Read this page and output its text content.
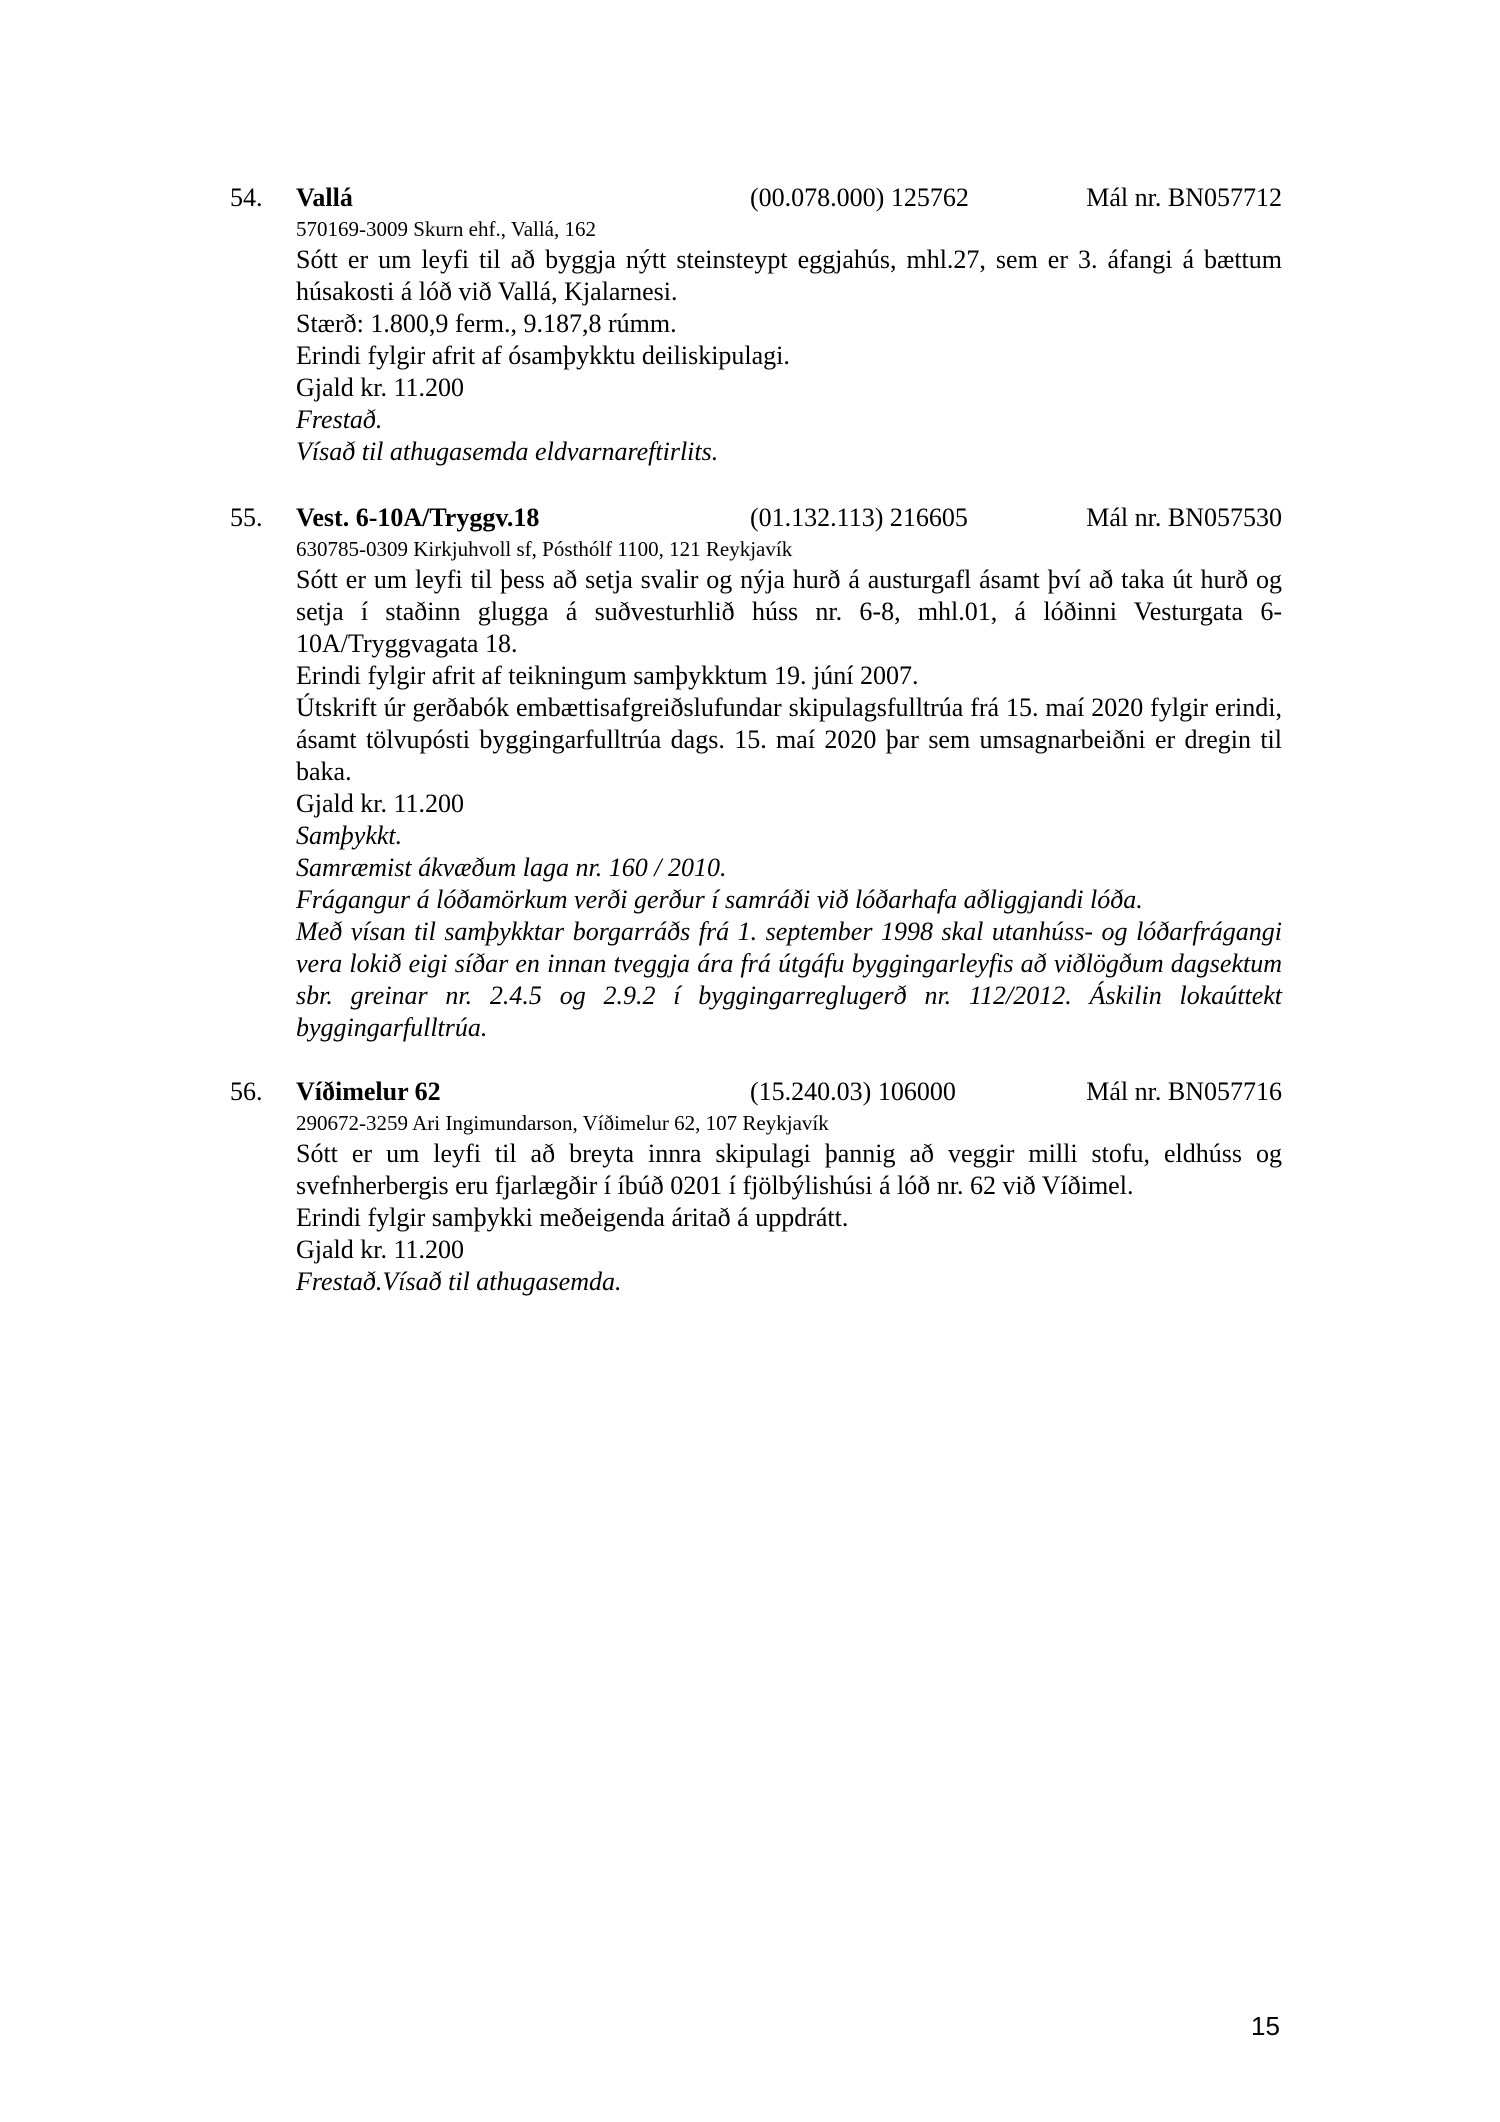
54. Vallá	(00.078.000) 125762	Mál nr. BN057712
570169-3009 Skurn ehf., Vallá, 162
Sótt er um leyfi til að byggja nýtt steinsteypt eggjahús, mhl.27, sem er 3. áfangi á bættum húsakosti á lóð við Vallá, Kjalarnesi.
Stærð: 1.800,9 ferm., 9.187,8 rúmm.
Erindi fylgir afrit af ósamþykktu deiliskipulagi.
Gjald kr. 11.200
Frestað.
Vísað til athugasemda eldvarnareftirlits.
55. Vest. 6-10A/Tryggv.18	(01.132.113) 216605	Mál nr. BN057530
630785-0309 Kirkjuhvoll sf, Pósthólf 1100, 121 Reykjavík
Sótt er um leyfi til þess að setja svalir og nýja hurð á austurgafl ásamt því að taka út hurð og setja í staðinn glugga á suðvesturhlið húss nr. 6-8, mhl.01, á lóðinni Vesturgata 6-10A/Tryggvagata 18.
Erindi fylgir afrit af teikningum samþykktum 19. júní 2007.
Útskrift úr gerðabók embættisafgreiðslufundar skipulagsfulltrúa frá 15. maí 2020 fylgir erindi, ásamt tölvupósti byggingarfulltrúa dags. 15. maí 2020 þar sem umsagnarbeiðni er dregin til baka.
Gjald kr. 11.200
Samþykkt.
Samræmist ákvæðum laga nr. 160 / 2010.
Frágangur á lóðamörkum verði gerður í samráði við lóðarhafa aðliggjandi lóða.
Með vísan til samþykktar borgarráðs frá 1. september 1998 skal utanhúss- og lóðarfrágangi vera lokið eigi síðar en innan tveggja ára frá útgáfu byggingarleyfis að viðlögðum dagsektum sbr. greinar nr. 2.4.5 og 2.9.2 í byggingarreglugerð nr. 112/2012. Áskilin lokaúttekt byggingarfulltrúa.
56. Víðimelur 62	(15.240.03) 106000	Mál nr. BN057716
290672-3259 Ari Ingimundarson, Víðimelur 62, 107 Reykjavík
Sótt er um leyfi til að breyta innra skipulagi þannig að veggir milli stofu, eldhúss og svefnherbergis eru fjarlægðir í íbúð 0201 í fjölbýlishúsi á lóð nr. 62 við Víðimel.
Erindi fylgir samþykki meðeigenda áritað á uppdrátt.
Gjald kr. 11.200
Frestað.Vísað til athugasemda.
15
